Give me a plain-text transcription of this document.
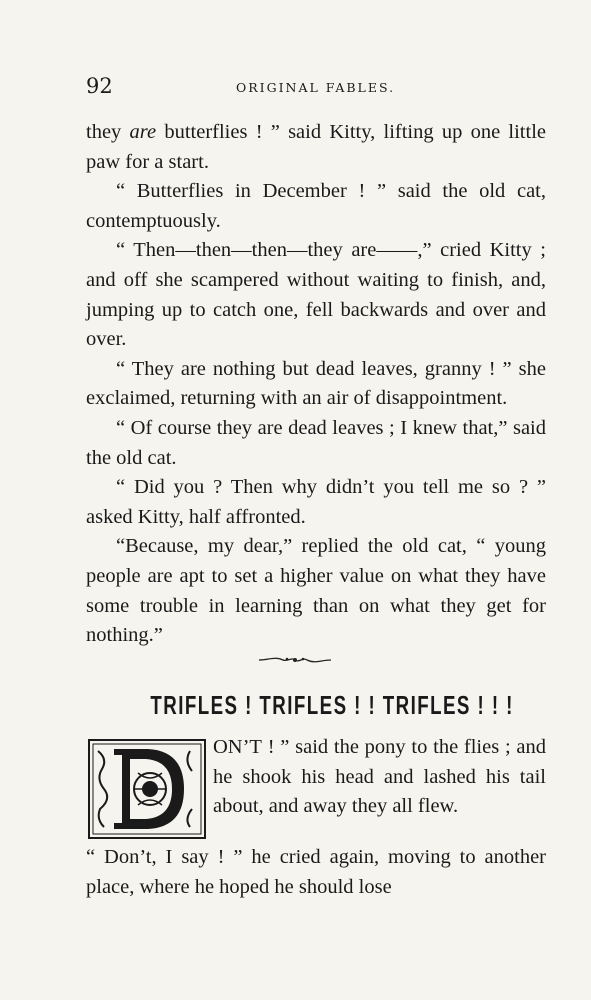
92	ORIGINAL FABLES.

they are butterflies ! ” said Kitty, lifting up one little paw for a start.

“ Butterflies in December ! ” said the old cat, contemptuously.

“ Then—then—then—they are——,” cried Kitty ; and off she scampered without waiting to finish, and, jumping up to catch one, fell backwards and over and over.

“ They are nothing but dead leaves, granny ! ” she exclaimed, returning with an air of disappointment.

“ Of course they are dead leaves ; I knew that,” said the old cat.

“ Did you ? Then why didn’t you tell me so ? ” asked Kitty, half affronted.

“Because, my dear,” replied the old cat, “ young people are apt to set a higher value on what they have some trouble in learning than on what they get for nothing.”

TRIFLES ! TRIFLES ! ! TRIFLES ! ! !

ON’T ! ” said the pony to the flies ; and he shook his head and lashed his tail about, and away they all flew.

“ Don’t, I say ! ” he cried again, moving to another place, where he hoped he should lose
